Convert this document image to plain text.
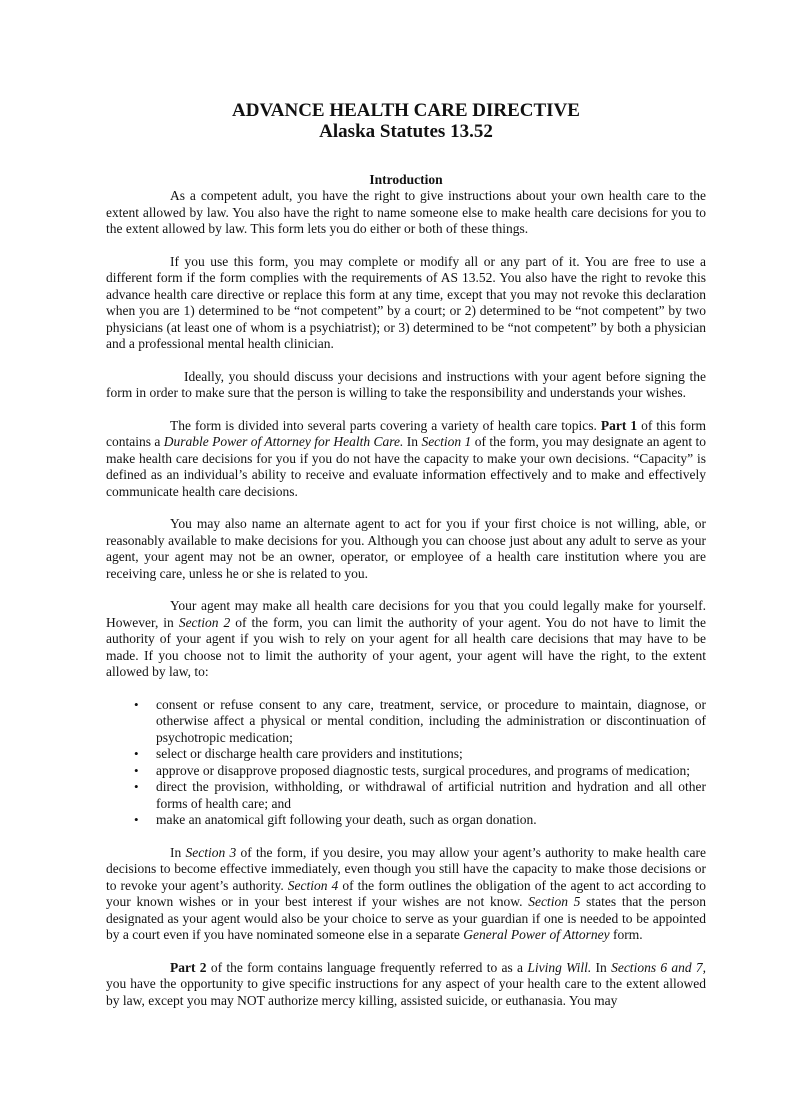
ADVANCE HEALTH CARE DIRECTIVE
Alaska Statutes 13.52
Introduction

As a competent adult, you have the right to give instructions about your own health care to the extent allowed by law. You also have the right to name someone else to make health care decisions for you to the extent allowed by law. This form lets you do either or both of these things.

If you use this form, you may complete or modify all or any part of it. You are free to use a different form if the form complies with the requirements of AS 13.52. You also have the right to revoke this advance health care directive or replace this form at any time, except that you may not revoke this declaration when you are 1) determined to be “not competent” by a court; or 2) determined to be “not competent” by two physicians (at least one of whom is a psychiatrist); or 3) determined to be “not competent” by both a physician and a professional mental health clinician.

Ideally, you should discuss your decisions and instructions with your agent before signing the form in order to make sure that the person is willing to take the responsibility and understands your wishes.

The form is divided into several parts covering a variety of health care topics. Part 1 of this form contains a Durable Power of Attorney for Health Care. In Section 1 of the form, you may designate an agent to make health care decisions for you if you do not have the capacity to make your own decisions. “Capacity” is defined as an individual’s ability to receive and evaluate information effectively and to make and effectively communicate health care decisions.

You may also name an alternate agent to act for you if your first choice is not willing, able, or reasonably available to make decisions for you. Although you can choose just about any adult to serve as your agent, your agent may not be an owner, operator, or employee of a health care institution where you are receiving care, unless he or she is related to you.

Your agent may make all health care decisions for you that you could legally make for yourself. However, in Section 2 of the form, you can limit the authority of your agent. You do not have to limit the authority of your agent if you wish to rely on your agent for all health care decisions that may have to be made. If you choose not to limit the authority of your agent, your agent will have the right, to the extent allowed by law, to:

• consent or refuse consent to any care, treatment, service, or procedure to maintain, diagnose, or otherwise affect a physical or mental condition, including the administration or discontinuation of psychotropic medication;
• select or discharge health care providers and institutions;
• approve or disapprove proposed diagnostic tests, surgical procedures, and programs of medication;
• direct the provision, withholding, or withdrawal of artificial nutrition and hydration and all other forms of health care; and
• make an anatomical gift following your death, such as organ donation.

In Section 3 of the form, if you desire, you may allow your agent’s authority to make health care decisions to become effective immediately, even though you still have the capacity to make those decisions or to revoke your agent’s authority. Section 4 of the form outlines the obligation of the agent to act according to your known wishes or in your best interest if your wishes are not know. Section 5 states that the person designated as your agent would also be your choice to serve as your guardian if one is needed to be appointed by a court even if you have nominated someone else in a separate General Power of Attorney form.

Part 2 of the form contains language frequently referred to as a Living Will. In Sections 6 and 7, you have the opportunity to give specific instructions for any aspect of your health care to the extent allowed by law, except you may NOT authorize mercy killing, assisted suicide, or euthanasia. You may
